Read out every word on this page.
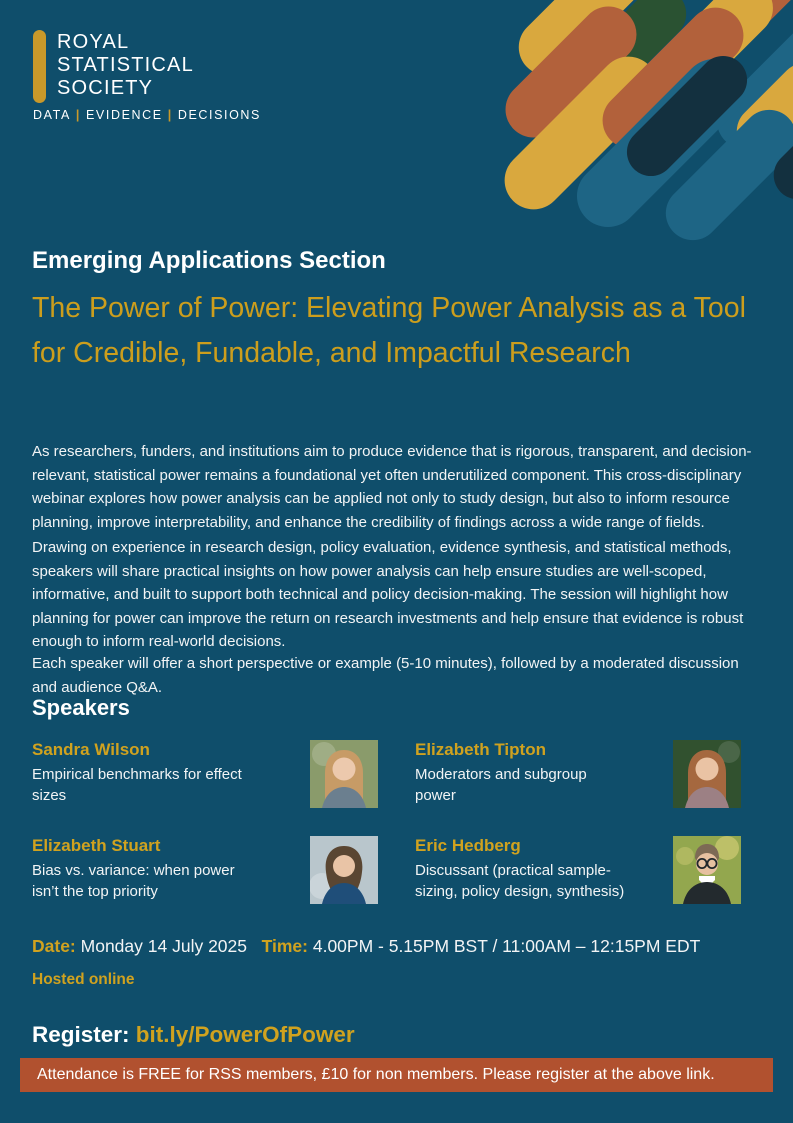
ROYAL
STATISTICAL
SOCIETY
DATA | EVIDENCE | DECISIONS
Emerging Applications Section
The Power of Power: Elevating Power Analysis as a Tool for Credible, Fundable, and Impactful Research

As researchers, funders, and institutions aim to produce evidence that is rigorous, transparent, and decision-relevant, statistical power remains a foundational yet often underutilized component. This cross-disciplinary webinar explores how power analysis can be applied not only to study design, but also to inform resource planning, improve interpretability, and enhance the credibility of findings across a wide range of fields.

Drawing on experience in research design, policy evaluation, evidence synthesis, and statistical methods, speakers will share practical insights on how power analysis can help ensure studies are well-scoped, informative, and built to support both technical and policy decision-making. The session will highlight how planning for power can improve the return on research investments and help ensure that evidence is robust enough to inform real-world decisions.

Each speaker will offer a short perspective or example (5-10 minutes), followed by a moderated discussion and audience Q&A.

Speakers
Sandra Wilson
Empirical benchmarks for effect sizes
Elizabeth Tipton
Moderators and subgroup power
Elizabeth Stuart
Bias vs. variance: when power isn’t the top priority
Eric Hedberg
Discussant (practical sample-sizing, policy design, synthesis)
Date: Monday 14 July 2025 Time: 4.00PM - 5.15PM BST / 11:00AM – 12:15PM EDT
Hosted online
Register: bit.ly/PowerOfPower
Attendance is FREE for RSS members, £10 for non members. Please register at the above link.
